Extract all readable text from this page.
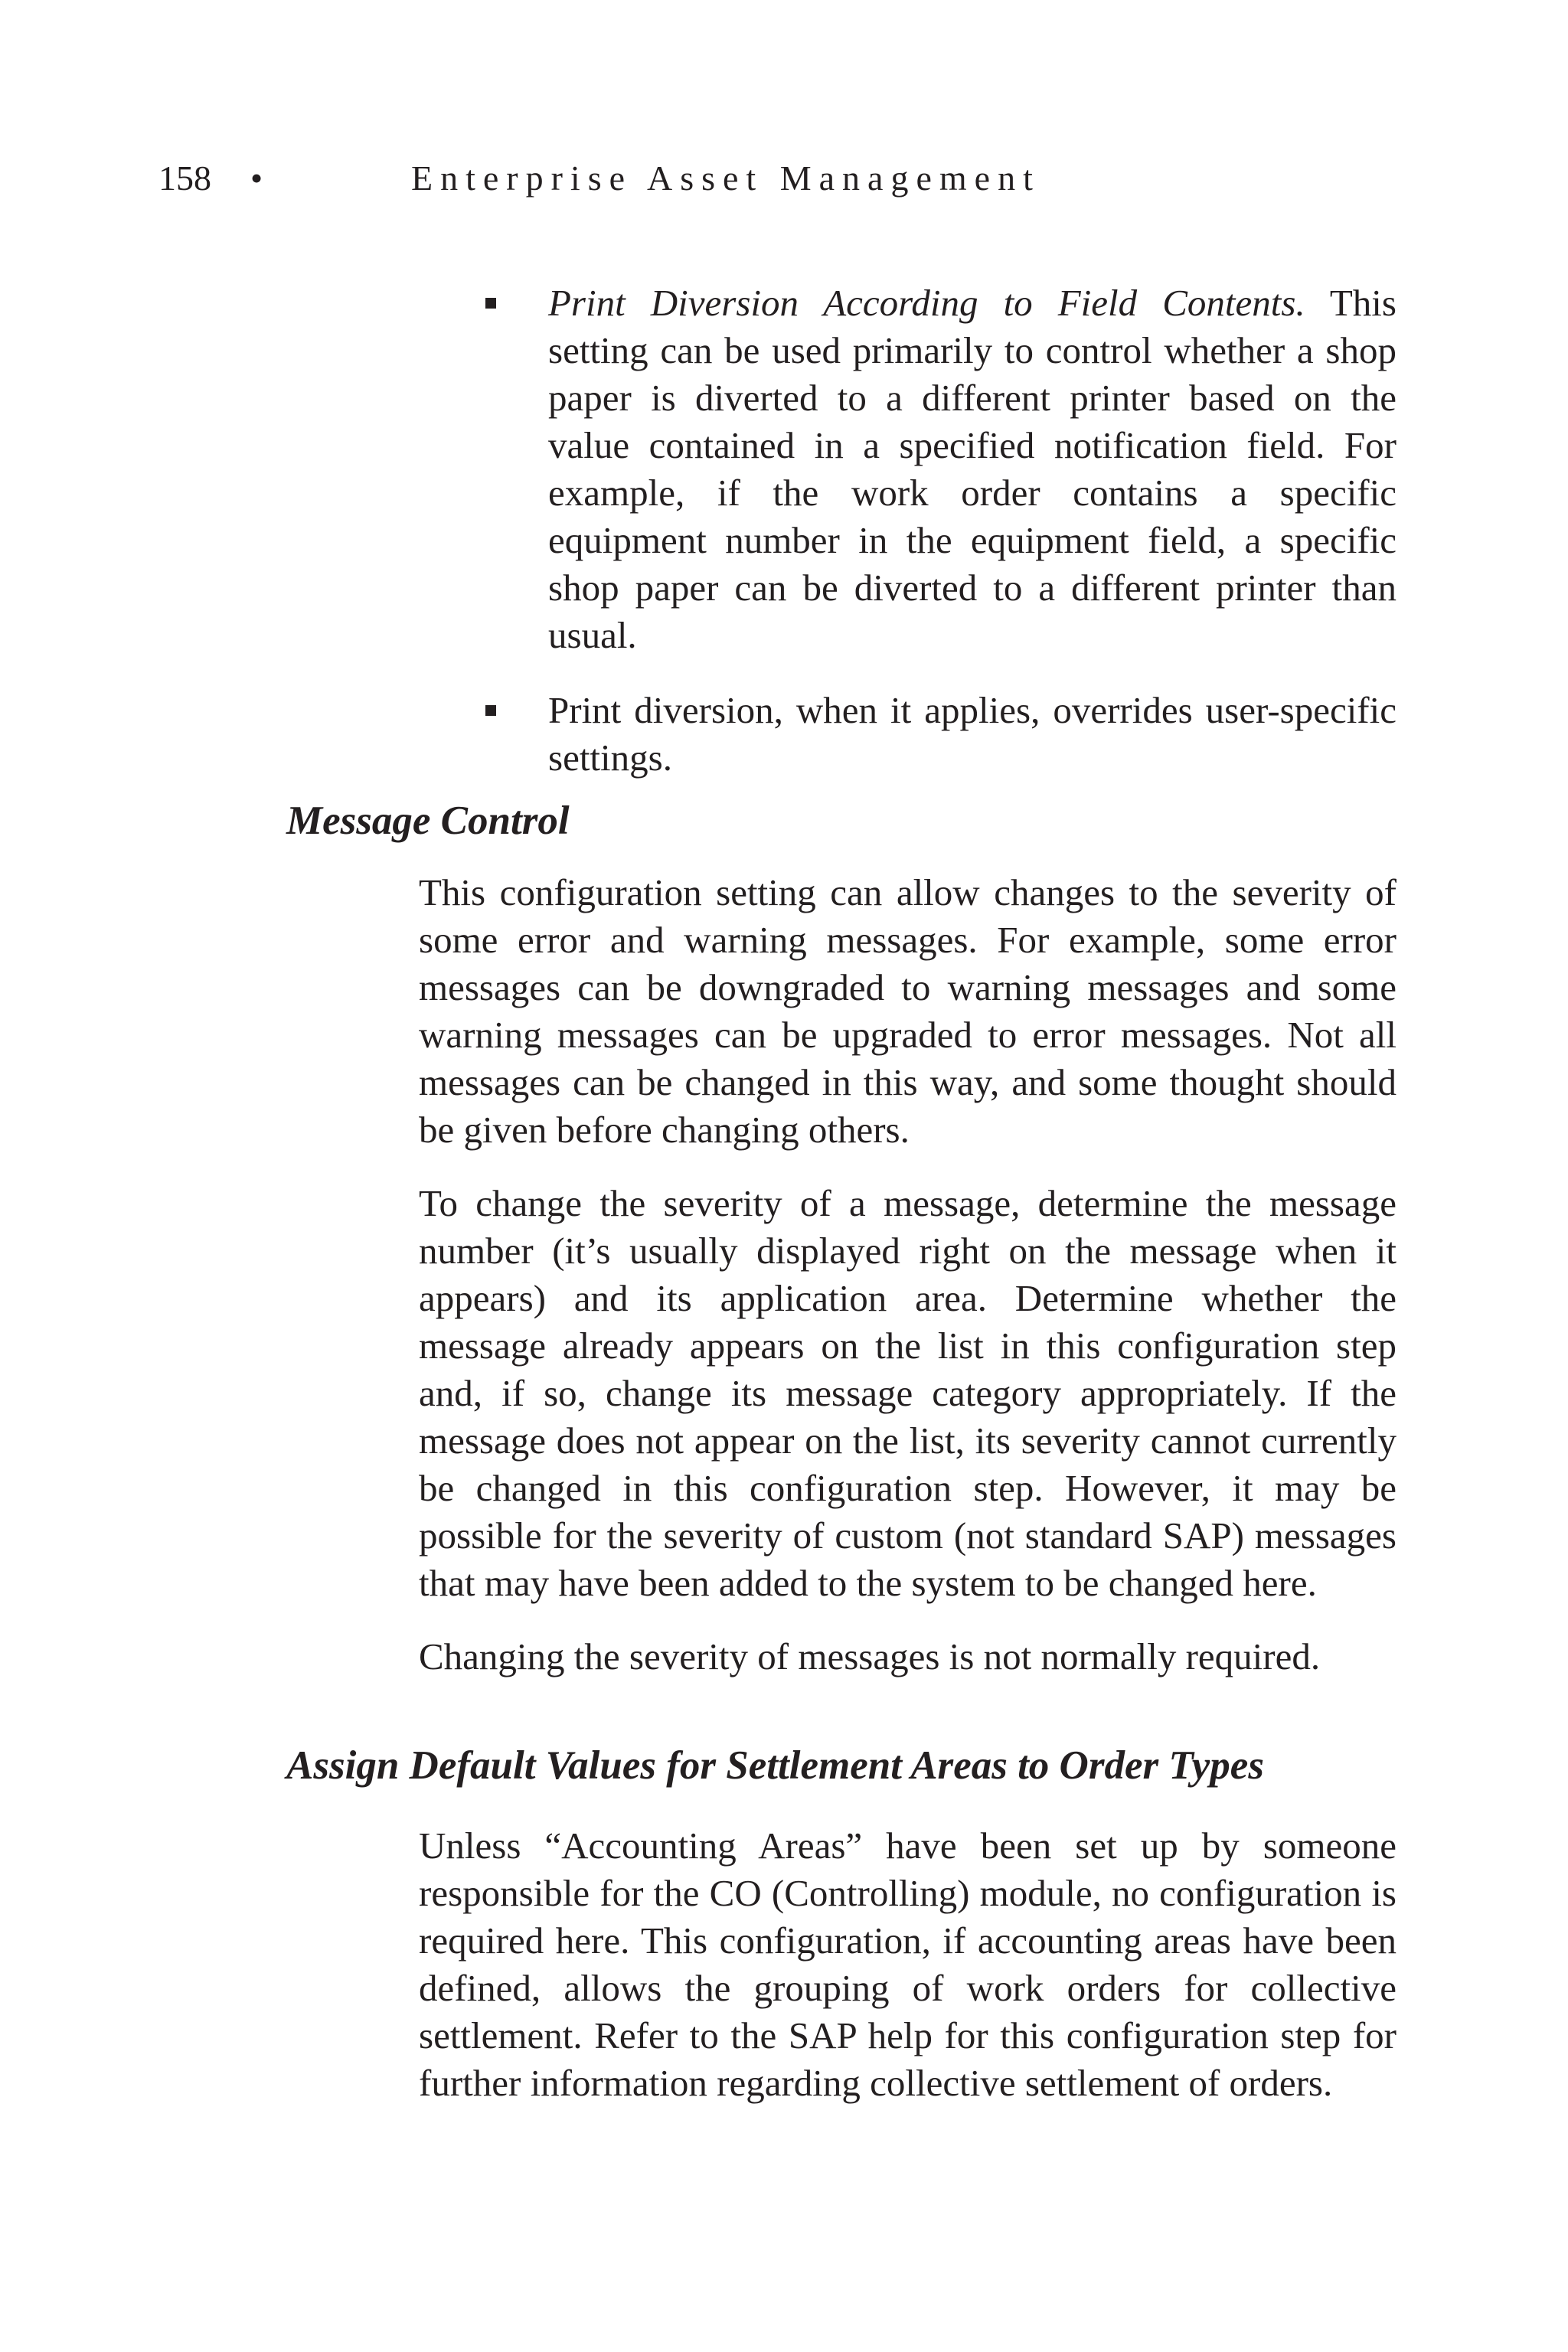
158	•	Enterprise Asset Management
Print Diversion According to Field Contents. This setting can be used primarily to control whether a shop paper is diverted to a different printer based on the value contained in a specified notification field. For example, if the work order contains a specific equipment number in the equipment field, a specific shop paper can be diverted to a different printer than usual.
Print diversion, when it applies, overrides user-specific settings.
Message Control

This configuration setting can allow changes to the severity of some error and warning messages. For example, some error messages can be downgraded to warning messages and some warning messages can be upgraded to error messages. Not all messages can be changed in this way, and some thought should be given before changing others.

To change the severity of a message, determine the message number (it’s usually displayed right on the message when it appears) and its application area. Determine whether the message already appears on the list in this configuration step and, if so, change its message category appropriately. If the message does not appear on the list, its severity cannot currently be changed in this configuration step. However, it may be possible for the severity of custom (not standard SAP) messages that may have been added to the system to be changed here.

Changing the severity of messages is not normally required.

Assign Default Values for Settlement Areas to Order Types

Unless “Accounting Areas” have been set up by someone responsible for the CO (Controlling) module, no configuration is required here. This configuration, if accounting areas have been defined, allows the grouping of work orders for collective settlement. Refer to the SAP help for this configuration step for further information regarding collective settlement of orders.
